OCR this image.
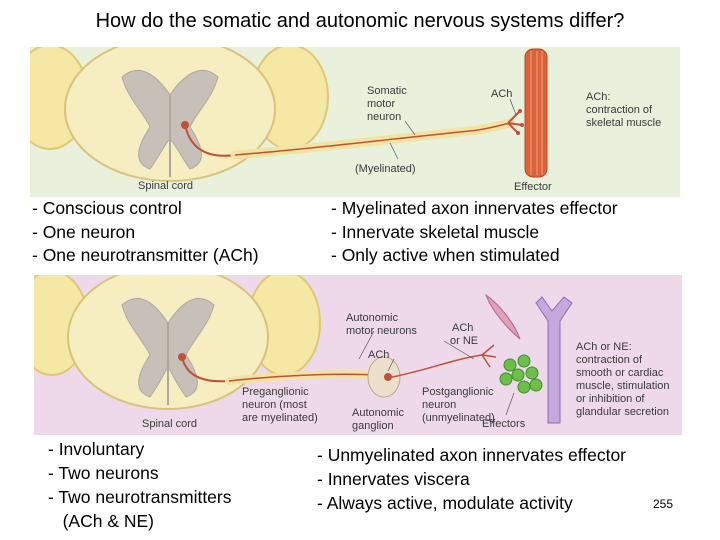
How do the somatic and autonomic nervous systems differ?
Spinal cord
Somatic
motor
neuron
ACh
(Myelinated)
Effector
ACh:
contraction of
skeletal muscle
- Conscious control
- One neuron
- One neurotransmitter (ACh)
- Myelinated axon innervates effector
- Innervate skeletal muscle
- Only active when stimulated
Spinal cord
Autonomic
motor neurons	ACh
or NE
ACh
Preganglionic
neuron (most
are myelinated)
Postganglionic
neuron
(unmyelinated)
Autonomic
ganglion	Effectors
ACh or NE:
contraction of
smooth or cardiac
muscle, stimulation
or inhibition of
glandular secretion
- Involuntary
- Two neurons
- Two neurotransmitters
(ACh & NE)
- Unmyelinated axon innervates effector
- Innervates viscera
- Always active, modulate activity	255
